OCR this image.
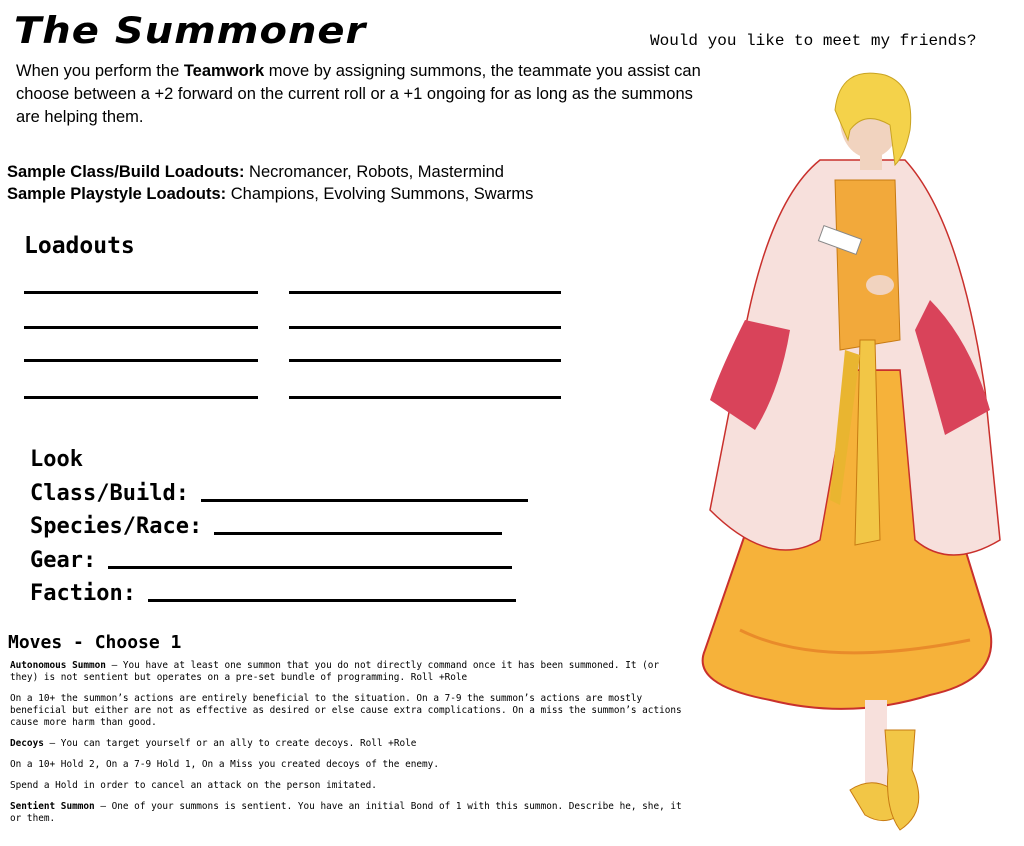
The Summoner	Would you like to meet my friends?
When you perform the Teamwork move by assigning summons, the teammate you assist can choose between a +2 forward on the current roll or a +1 ongoing for as long as the summons are helping them.
Sample Class/Build Loadouts: Necromancer, Robots, Mastermind
Sample Playstyle Loadouts: Champions, Evolving Summons, Swarms
Loadouts
Look
Class/Build:
Species/Race:
Gear:
Faction:
Moves - Choose 1

Autonomous Summon – You have at least one summon that you do not directly command once it has been summoned. It (or they) is not sentient but operates on a pre-set bundle of programming. Roll +Role

On a 10+ the summon’s actions are entirely beneficial to the situation. On a 7-9 the summon’s actions are mostly beneficial but either are not as effective as desired or else cause extra complications. On a miss the summon’s actions cause more harm than good.

Decoys – You can target yourself or an ally to create decoys. Roll +Role

On a 10+ Hold 2, On a 7-9 Hold 1, On a Miss you created decoys of the enemy.

Spend a Hold in order to cancel an attack on the person imitated.

Sentient Summon – One of your summons is sentient. You have an initial Bond of 1 with this summon. Describe he, she, it or them.
